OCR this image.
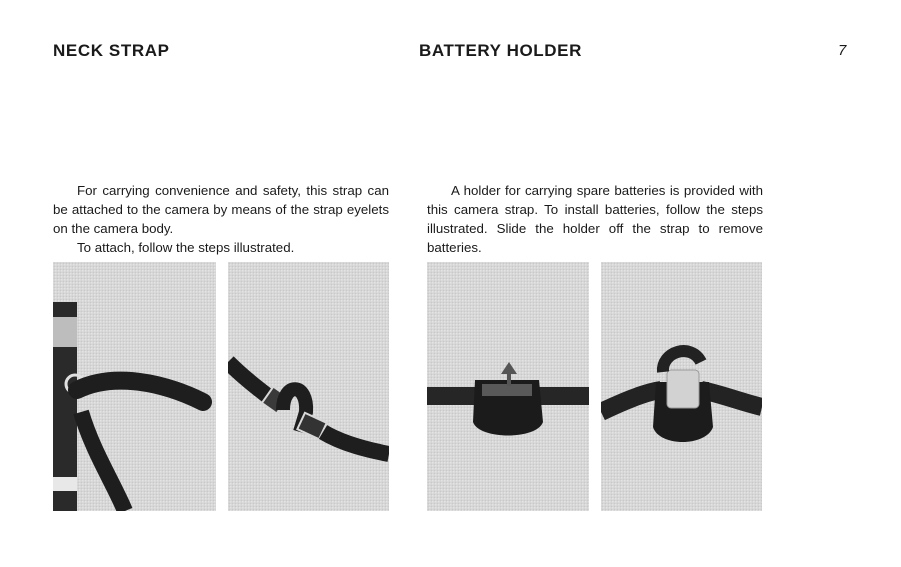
NECK STRAP	BATTERY HOLDER	7

For carrying convenience and safety, this strap can be attached to the camera by means of the strap eyelets on the camera body.

To attach, follow the steps illustrated.

A holder for carrying spare batteries is provided with this camera strap. To install batteries, follow the steps illustrated. Slide the holder off the strap to remove batteries.
